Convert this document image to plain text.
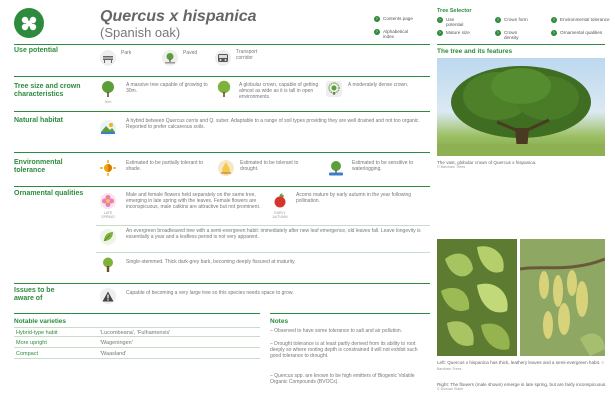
Quercus x hispanica
(Spanish oak)
›	Contents page
›	Alphabetical index
Tree Selector
›	Use potential
›	Mature size
›	Crown form
›	Crown density
›	Environmental tolerance
›	Ornamental qualities
Use potential	Park	Paved	Transport corridor
Tree size and crown characteristics
30m
A massive tree capable of growing to 30m.
A globular crown, capable of getting almost as wide as it is tall in open environments.
A moderately dense crown.
Natural habitat	A hybrid between Quercus cerris and Q. suber. Adaptable to a range of soil types providing they are well drained and not too organic. Reported to prefer calcareous soils.
Environmental tolerance
Estimated to be partially tolerant to shade.
Estimated to be tolerant to drought.
Estimated to be sensitive to waterlogging.
Ornamental qualities
LATE SPRING
Male and female flowers held separately on the same tree, emerging in late spring with the leaves. Female flowers are inconspicuous, male catkins are attractive but not prominent.
EARLY AUTUMN
Acorns mature by early autumn in the year following pollination.
An evergreen broadleaved tree with a semi-evergreen habit: immediately after new leaf emergence, old leaves fall. Leave longevity is essentially a year and a leafless period is not very apparent.
Single-stemmed. Thick dark-grey bark, becoming deeply fissured at maturity.
Issues to be aware of
Capable of becoming a very large tree so this species needs space to grow.
Notable varieties
Hybrid-type habit	'Lucombeana', 'Fulhamensis'
More upright	'Wageningen'
Compact	'Waasland'
Notes
– Observed to have some tolerance to salt and air pollution.
– Drought tolerance is at least partly derived from its ability to root deeply so where rooting depth is constrained it will not exhibit such good tolerance to drought.
– Quercus spp. are known to be high emitters of Biogenic Volatile Organic Compounds (BVOCs).
The tree and its features
The vast, globular crown of Quercus x hispanica.
© Barcham Trees
Left: Quercus x hispanica has thick, leathery leaves and a semi-evergreen habit. © Barcham Trees
Right: The flowers (male shown) emerge in late spring, but are fairly inconspicuous.
© Duncan Slater
